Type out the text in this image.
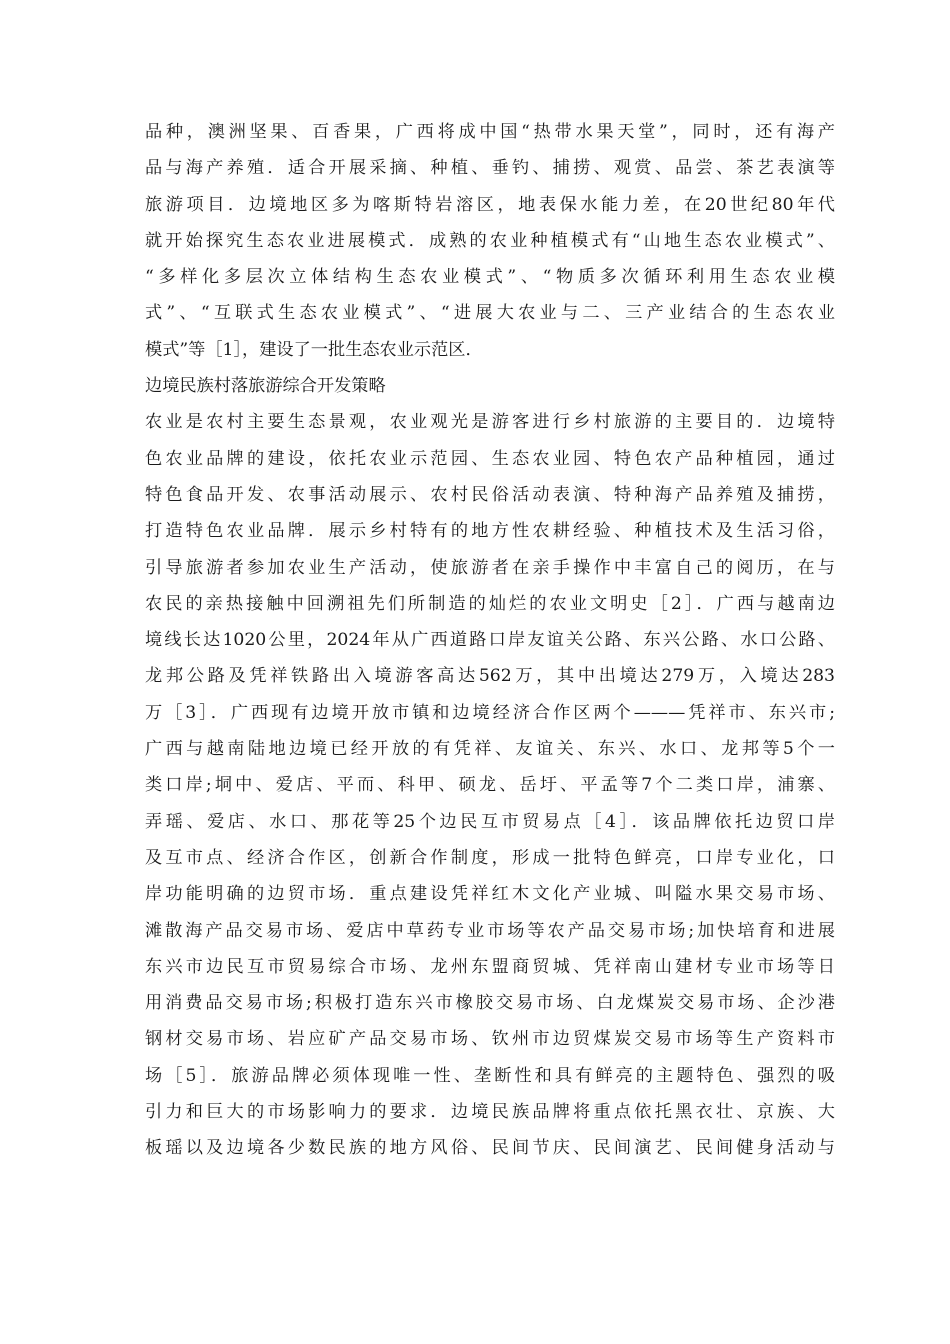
品种，澳洲坚果、百香果，广西将成中国“热带水果天堂”，同时，还有海产
品与海产养殖．适合开展采摘、种植、垂钓、捕捞、观赏、品尝、茶艺表演等
旅游项目．边境地区多为喀斯特岩溶区，地表保水能力差，在20世纪80年代
就开始探究生态农业进展模式．成熟的农业种植模式有“山地生态农业模式”、
“多样化多层次立体结构生态农业模式”、“物质多次循环利用生态农业模
式”、“互联式生态农业模式”、“进展大农业与二、三产业结合的生态农业
模式”等［1］，建设了一批生态农业示范区．
边境民族村落旅游综合开发策略
农业是农村主要生态景观，农业观光是游客进行乡村旅游的主要目的．边境特
色农业品牌的建设，依托农业示范园、生态农业园、特色农产品种植园，通过
特色食品开发、农事活动展示、农村民俗活动表演、特种海产品养殖及捕捞，
打造特色农业品牌．展示乡村特有的地方性农耕经验、种植技术及生活习俗，
引导旅游者参加农业生产活动，使旅游者在亲手操作中丰富自己的阅历，在与
农民的亲热接触中回溯祖先们所制造的灿烂的农业文明史［2］．广西与越南边
境线长达1020公里，2024年从广西道路口岸友谊关公路、东兴公路、水口公路、
龙邦公路及凭祥铁路出入境游客高达562万，其中出境达279万，入境达283
万［3］．广西现有边境开放市镇和边境经济合作区两个———凭祥市、东兴市;
广西与越南陆地边境已经开放的有凭祥、友谊关、东兴、水口、龙邦等5个一
类口岸;垌中、爱店、平而、科甲、硕龙、岳圩、平孟等7个二类口岸，浦寨、
弄瑶、爱店、水口、那花等25个边民互市贸易点［4］．该品牌依托边贸口岸
及互市点、经济合作区，创新合作制度，形成一批特色鲜亮，口岸专业化，口
岸功能明确的边贸市场．重点建设凭祥红木文化产业城、叫隘水果交易市场、
滩散海产品交易市场、爱店中草药专业市场等农产品交易市场;加快培育和进展
东兴市边民互市贸易综合市场、龙州东盟商贸城、凭祥南山建材专业市场等日
用消费品交易市场;积极打造东兴市橡胶交易市场、白龙煤炭交易市场、企沙港
钢材交易市场、岩应矿产品交易市场、钦州市边贸煤炭交易市场等生产资料市
场［5］．旅游品牌必须体现唯一性、垄断性和具有鲜亮的主题特色、强烈的吸
引力和巨大的市场影响力的要求．边境民族品牌将重点依托黑衣壮、京族、大
板瑶以及边境各少数民族的地方风俗、民间节庆、民间演艺、民间健身活动与
